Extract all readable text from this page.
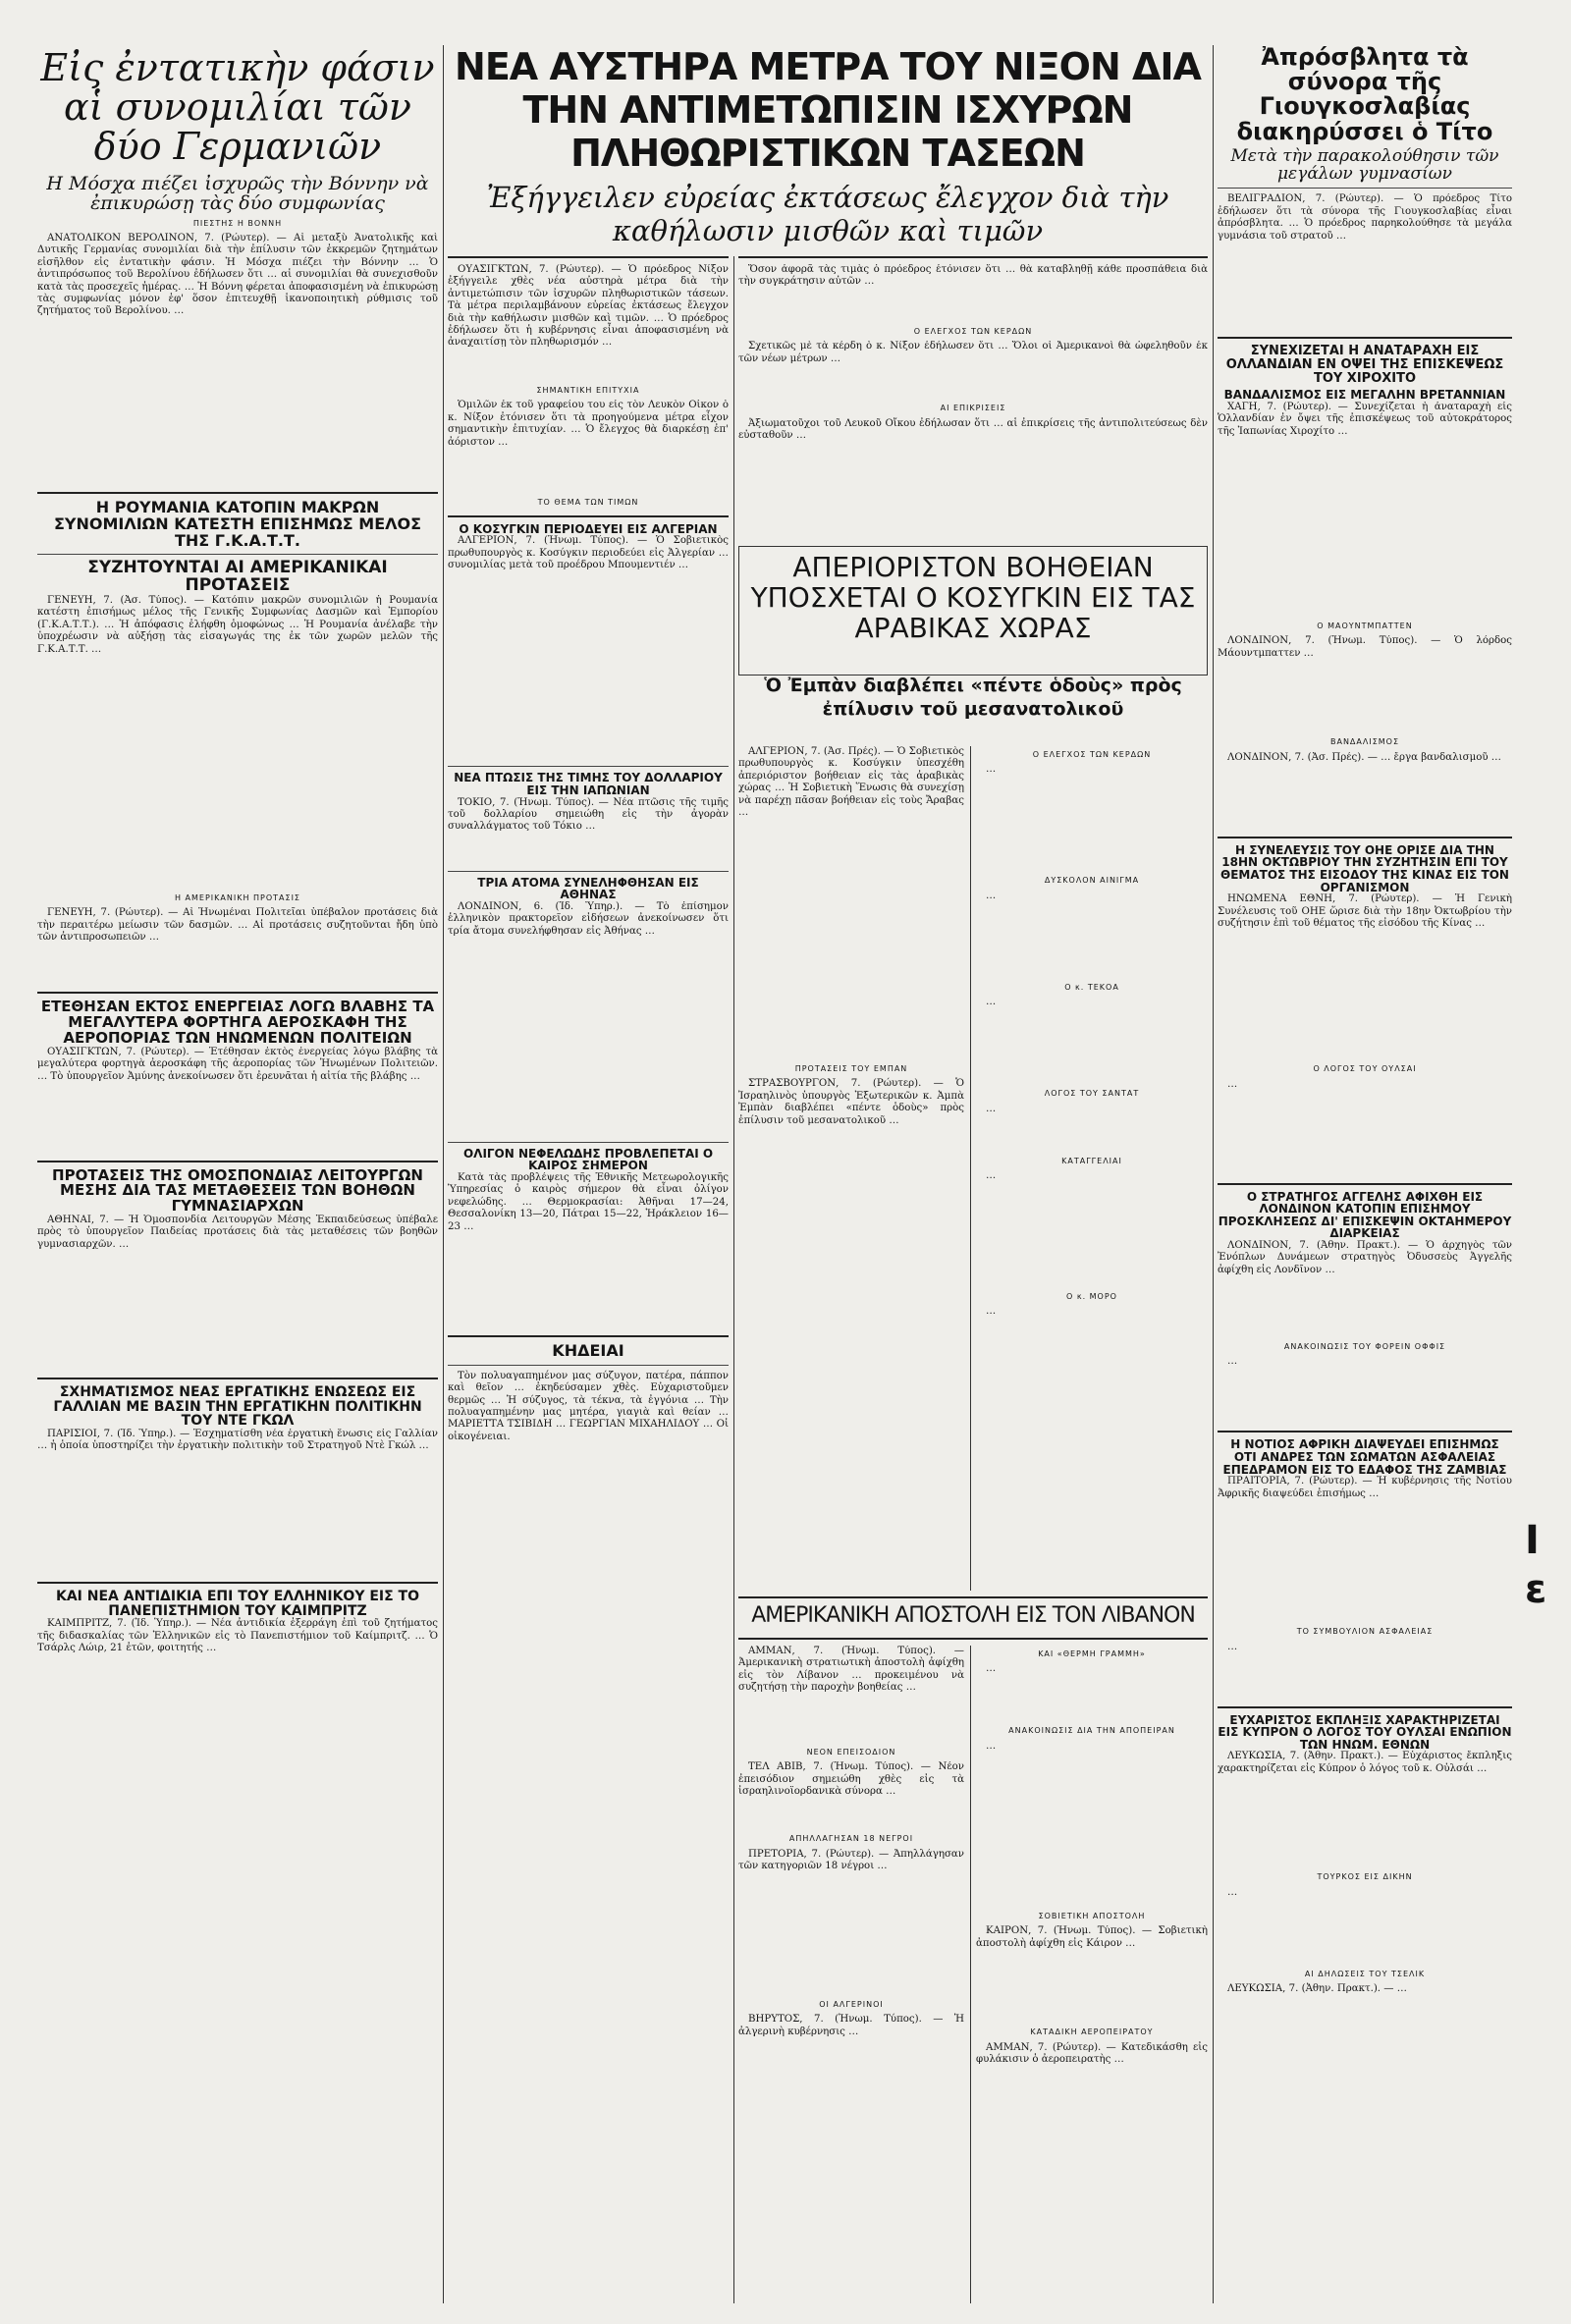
Εἰς ἐντατικὴν φάσιν αἱ συνομιλίαι τῶν δύο Γερμανιῶν
Η Μόσχα πιέζει ἰσχυρῶς τὴν Βόννην νὰ ἐπικυρώσῃ τὰς δύο συμφωνίας
ΠΙΕΣΤΗΣ Η ΒΟΝΝΗ
ΑΝΑΤΟΛΙΚΟΝ ΒΕΡΟΛΙΝΟΝ, 7. (Ρώυτερ). — Αἱ μεταξὺ Ἀνατολικῆς καὶ Δυτικῆς Γερμανίας συνομιλίαι διὰ τὴν ἐπίλυσιν τῶν ἐκκρεμῶν ζητημάτων εἰσῆλθον εἰς ἐντατικὴν φάσιν. Ἡ Μόσχα πιέζει τὴν Βόννην … Ὁ ἀντιπρόσωπος τοῦ Βερολίνου ἐδήλωσεν ὅτι … αἱ συνομιλίαι θὰ συνεχισθοῦν κατὰ τὰς προσεχεῖς ἡμέρας. … Ἡ Βόννη φέρεται ἀποφασισμένη νὰ ἐπικυρώσῃ τὰς συμφωνίας μόνον ἐφ' ὅσον ἐπιτευχθῇ ἱκανοποιητικὴ ρύθμισις τοῦ ζητήματος τοῦ Βερολίνου. …
Η ΡΟΥΜΑΝΙΑ ΚΑΤΟΠΙΝ ΜΑΚΡΩΝ ΣΥΝΟΜΙΛΙΩΝ ΚΑΤΕΣΤΗ ΕΠΙΣΗΜΩΣ ΜΕΛΟΣ ΤΗΣ Γ.Κ.Α.Τ.Τ.
ΣΥΖΗΤΟΥΝΤΑΙ ΑΙ ΑΜΕΡΙΚΑΝΙΚΑΙ ΠΡΟΤΑΣΕΙΣ
ΓΕΝΕΥΗ, 7. (Ἀσ. Τύπος). — Κατόπιν μακρῶν συνομιλιῶν ἡ Ρουμανία κατέστη ἐπισήμως μέλος τῆς Γενικῆς Συμφωνίας Δασμῶν καὶ Ἐμπορίου (Γ.Κ.Α.Τ.Τ.). … Ἡ ἀπόφασις ἐλήφθη ὁμοφώνως … Ἡ Ρουμανία ἀνέλαβε τὴν ὑποχρέωσιν νὰ αὐξήσῃ τὰς εἰσαγωγάς της ἐκ τῶν χωρῶν μελῶν τῆς Γ.Κ.Α.Τ.Τ. …
Η ΑΜΕΡΙΚΑΝΙΚΗ ΠΡΟΤΑΣΙΣ
ΓΕΝΕΥΗ, 7. (Ρώυτερ). — Αἱ Ἡνωμέναι Πολιτεῖαι ὑπέβαλον προτάσεις διὰ τὴν περαιτέρω μείωσιν τῶν δασμῶν. … Αἱ προτάσεις συζητοῦνται ἤδη ὑπὸ τῶν ἀντιπροσωπειῶν …
ΕΤΕΘΗΣΑΝ ΕΚΤΟΣ ΕΝΕΡΓΕΙΑΣ ΛΟΓΩ ΒΛΑΒΗΣ ΤΑ ΜΕΓΑΛΥΤΕΡΑ ΦΟΡΤΗΓΑ ΑΕΡΟΣΚΑΦΗ ΤΗΣ ΑΕΡΟΠΟΡΙΑΣ ΤΩΝ ΗΝΩΜΕΝΩΝ ΠΟΛΙΤΕΙΩΝ
ΟΥΑΣΙΓΚΤΩΝ, 7. (Ρώυτερ). — Ἐτέθησαν ἐκτὸς ἐνεργείας λόγω βλάβης τὰ μεγαλύτερα φορτηγὰ ἀεροσκάφη τῆς ἀεροπορίας τῶν Ἡνωμένων Πολιτειῶν. … Τὸ ὑπουργεῖον Ἀμύνης ἀνεκοίνωσεν ὅτι ἐρευνᾶται ἡ αἰτία τῆς βλάβης …
ΠΡΟΤΑΣΕΙΣ ΤΗΣ ΟΜΟΣΠΟΝΔΙΑΣ ΛΕΙΤΟΥΡΓΩΝ ΜΕΣΗΣ ΔΙΑ ΤΑΣ ΜΕΤΑΘΕΣΕΙΣ ΤΩΝ ΒΟΗΘΩΝ ΓΥΜΝΑΣΙΑΡΧΩΝ
ΑΘΗΝΑΙ, 7. — Ἡ Ὁμοσπονδία Λειτουργῶν Μέσης Ἐκπαιδεύσεως ὑπέβαλε πρὸς τὸ ὑπουργεῖον Παιδείας προτάσεις διὰ τὰς μεταθέσεις τῶν βοηθῶν γυμνασιαρχῶν. …
ΣΧΗΜΑΤΙΣΜΟΣ ΝΕΑΣ ΕΡΓΑΤΙΚΗΣ ΕΝΩΣΕΩΣ ΕΙΣ ΓΑΛΛΙΑΝ ΜΕ ΒΑΣΙΝ ΤΗΝ ΕΡΓΑΤΙΚΗΝ ΠΟΛΙΤΙΚΗΝ ΤΟΥ ΝΤΕ ΓΚΩΛ
ΠΑΡΙΣΙΟΙ, 7. (Ἰδ. Ὑπηρ.). — Ἐσχηματίσθη νέα ἐργατικὴ ἕνωσις εἰς Γαλλίαν … ἡ ὁποία ὑποστηρίζει τὴν ἐργατικὴν πολιτικὴν τοῦ Στρατηγοῦ Ντὲ Γκώλ …
ΚΑΙ ΝΕΑ ΑΝΤΙΔΙΚΙΑ ΕΠΙ ΤΟΥ ΕΛΛΗΝΙΚΟΥ ΕΙΣ ΤΟ ΠΑΝΕΠΙΣΤΗΜΙΟΝ ΤΟΥ ΚΑΙΜΠΡΙΤΖ
ΚΑΙΜΠΡΙΤΖ, 7. (Ἰδ. Ὑπηρ.). — Νέα ἀντιδικία ἐξερράγη ἐπὶ τοῦ ζητήματος τῆς διδασκαλίας τῶν Ἑλληνικῶν εἰς τὸ Πανεπιστήμιον τοῦ Καίμπριτζ. … Ὁ Τσάρλς Λώιρ, 21 ἐτῶν, φοιτητής …
ΝΕΑ ΑΥΣΤΗΡΑ ΜΕΤΡΑ ΤΟΥ ΝΙΞΟΝ ΔΙΑ ΤΗΝ ΑΝΤΙΜΕΤΩΠΙΣΙΝ ΙΣΧΥΡΩΝ ΠΛΗΘΩΡΙΣΤΙΚΩΝ ΤΑΣΕΩΝ
Ἐξήγγειλεν εὐρείας ἐκτάσεως ἔλεγχον διὰ τὴν καθήλωσιν μισθῶν καὶ τιμῶν
ΟΥΑΣΙΓΚΤΩΝ, 7. (Ρώυτερ). — Ὁ πρόεδρος Νίξον ἐξήγγειλε χθὲς νέα αὐστηρὰ μέτρα διὰ τὴν ἀντιμετώπισιν τῶν ἰσχυρῶν πληθωριστικῶν τάσεων. Τὰ μέτρα περιλαμβάνουν εὐρείας ἐκτάσεως ἔλεγχον διὰ τὴν καθήλωσιν μισθῶν καὶ τιμῶν. … Ὁ πρόεδρος ἐδήλωσεν ὅτι ἡ κυβέρνησις εἶναι ἀποφασισμένη νὰ ἀναχαιτίσῃ τὸν πληθωρισμόν …
ΣΗΜΑΝΤΙΚΗ ΕΠΙΤΥΧΙΑ
Ὁμιλῶν ἐκ τοῦ γραφείου του εἰς τὸν Λευκὸν Οἶκον ὁ κ. Νίξον ἐτόνισεν ὅτι τὰ προηγούμενα μέτρα εἶχον σημαντικὴν ἐπιτυχίαν. … Ὁ ἔλεγχος θὰ διαρκέσῃ ἐπ' ἀόριστον …
ΤΟ ΘΕΜΑ ΤΩΝ ΤΙΜΩΝ
Ο ΚΟΣΥΓΚΙΝ ΠΕΡΙΟΔΕΥΕΙ ΕΙΣ ΑΛΓΕΡΙΑΝ
ΑΛΓΕΡΙΟΝ, 7. (Ἠνωμ. Τύπος). — Ὁ Σοβιετικὸς πρωθυπουργὸς κ. Κοσύγκιν περιοδεύει εἰς Ἀλγερίαν … συνομιλίας μετὰ τοῦ προέδρου Μπουμεντιέν …
ΝΕΑ ΠΤΩΣΙΣ ΤΗΣ ΤΙΜΗΣ ΤΟΥ ΔΟΛΛΑΡΙΟΥ ΕΙΣ ΤΗΝ ΙΑΠΩΝΙΑΝ
ΤΟΚΙΟ, 7. (Ἠνωμ. Τύπος). — Νέα πτῶσις τῆς τιμῆς τοῦ δολλαρίου σημειώθη εἰς τὴν ἀγορὰν συναλλάγματος τοῦ Τόκιο …
ΤΡΙΑ ΑΤΟΜΑ ΣΥΝΕΛΗΦΘΗΣΑΝ ΕΙΣ ΑΘΗΝΑΣ
ΛΟΝΔΙΝΟΝ, 6. (Ἰδ. Ὑπηρ.). — Τὸ ἐπίσημον ἑλληνικὸν πρακτορεῖον εἰδήσεων ἀνεκοίνωσεν ὅτι τρία ἄτομα συνελήφθησαν εἰς Ἀθήνας …
ΟΛΙΓΟΝ ΝΕΦΕΛΩΔΗΣ ΠΡΟΒΛΕΠΕΤΑΙ Ο ΚΑΙΡΟΣ ΣΗΜΕΡΟΝ
Κατὰ τὰς προβλέψεις τῆς Ἐθνικῆς Μετεωρολογικῆς Ὑπηρεσίας ὁ καιρὸς σήμερον θὰ εἶναι ὀλίγον νεφελώδης. … Θερμοκρασίαι: Ἀθῆναι 17—24, Θεσσαλονίκη 13—20, Πάτραι 15—22, Ἡράκλειον 16—23 …
ΚΗΔΕΙΑΙ
Τὸν πολυαγαπημένον μας σύζυγον, πατέρα, πάππον καὶ θεῖον … ἐκηδεύσαμεν χθὲς. Εὐχαριστοῦμεν θερμῶς … Ἡ σύζυγος, τὰ τέκνα, τὰ ἐγγόνια … Τὴν πολυαγαπημένην μας μητέρα, γιαγιὰ καὶ θείαν … ΜΑΡΙΕΤΤΑ ΤΣΙΒΙΔΗ … ΓΕΩΡΓΙΑΝ ΜΙΧΑΗΛΙΔΟΥ … Οἱ οἰκογένειαι.
Ὅσον ἀφορᾶ τὰς τιμὰς ὁ πρόεδρος ἐτόνισεν ὅτι … θὰ καταβληθῇ κάθε προσπάθεια διὰ τὴν συγκράτησιν αὐτῶν …
Ο ΕΛΕΓΧΟΣ ΤΩΝ ΚΕΡΔΩΝ
Σχετικῶς μὲ τὰ κέρδη ὁ κ. Νίξον ἐδήλωσεν ὅτι … Ὅλοι οἱ Ἀμερικανοὶ θὰ ὠφεληθοῦν ἐκ τῶν νέων μέτρων …
ΑΙ ΕΠΙΚΡΙΣΕΙΣ
Ἀξιωματοῦχοι τοῦ Λευκοῦ Οἴκου ἐδήλωσαν ὅτι … αἱ ἐπικρίσεις τῆς ἀντιπολιτεύσεως δὲν εὐσταθοῦν …
ΑΠΕΡΙΟΡΙΣΤΟΝ ΒΟΗΘΕΙΑΝ ΥΠΟΣΧΕΤΑΙ Ο ΚΟΣΥΓΚΙΝ ΕΙΣ ΤΑΣ ΑΡΑΒΙΚΑΣ ΧΩΡΑΣ
Ὁ Ἐμπὰν διαβλέπει «πέντε ὁδοὺς» πρὸς ἐπίλυσιν τοῦ μεσανατολικοῦ
ΑΛΓΕΡΙΟΝ, 7. (Ἀσ. Πρές). — Ὁ Σοβιετικὸς πρωθυπουργὸς κ. Κοσύγκιν ὑπεσχέθη ἀπεριόριστον βοήθειαν εἰς τὰς ἀραβικὰς χώρας … Ἡ Σοβιετικὴ Ἕνωσις θὰ συνεχίσῃ νὰ παρέχῃ πᾶσαν βοήθειαν εἰς τοὺς Ἄραβας …
ΠΡΟΤΑΣΕΙΣ ΤΟΥ ΕΜΠΑΝ
ΣΤΡΑΣΒΟΥΡΓΟΝ, 7. (Ρώυτερ). — Ὁ Ἰσραηλινὸς ὑπουργὸς Ἐξωτερικῶν κ. Ἀμπὰ Ἐμπὰν διαβλέπει «πέντε ὁδοὺς» πρὸς ἐπίλυσιν τοῦ μεσανατολικοῦ …
Ο ΕΛΕΓΧΟΣ ΤΩΝ ΚΕΡΔΩΝ
…
ΔΥΣΚΟΛΟΝ ΑΙΝΙΓΜΑ
…
Ο κ. ΤΕΚΟΑ
…
ΛΟΓΟΣ ΤΟΥ ΣΑΝΤΑΤ
…
ΚΑΤΑΓΓΕΛΙΑΙ
…
Ο κ. ΜΟΡΟ
…
ΑΜΕΡΙΚΑΝΙΚΗ ΑΠΟΣΤΟΛΗ ΕΙΣ ΤΟΝ ΛΙΒΑΝΟΝ
ΑΜΜΑΝ, 7. (Ἠνωμ. Τύπος). — Ἀμερικανικὴ στρατιωτικὴ ἀποστολὴ ἀφίχθη εἰς τὸν Λίβανον … προκειμένου νὰ συζητήσῃ τὴν παροχὴν βοηθείας …
ΝΕΟΝ ΕΠΕΙΣΟΔΙΟΝ
ΤΕΛ ΑΒΙΒ, 7. (Ἠνωμ. Τύπος). — Νέον ἐπεισόδιον σημειώθη χθὲς εἰς τὰ ἰσραηλινοϊορδανικὰ σύνορα …
ΑΠΗΛΛΑΓΗΣΑΝ 18 ΝΕΓΡΟΙ
ΠΡΕΤΟΡΙΑ, 7. (Ρώυτερ). — Ἀπηλλάγησαν τῶν κατηγοριῶν 18 νέγροι …
ΟΙ ΑΛΓΕΡΙΝΟΙ
ΒΗΡΥΤΟΣ, 7. (Ἠνωμ. Τύπος). — Ἡ ἀλγερινὴ κυβέρνησις …
ΚΑΙ «ΘΕΡΜΗ ΓΡΑΜΜΗ»
…
ΑΝΑΚΟΙΝΩΣΙΣ ΔΙΑ ΤΗΝ ΑΠΟΠΕΙΡΑΝ
…
ΣΟΒΙΕΤΙΚΗ ΑΠΟΣΤΟΛΗ
ΚΑΪΡΟΝ, 7. (Ἠνωμ. Τύπος). — Σοβιετικὴ ἀποστολὴ ἀφίχθη εἰς Κάιρον …
ΚΑΤΑΔΙΚΗ ΑΕΡΟΠΕΙΡΑΤΟΥ
ΑΜΜΑΝ, 7. (Ρώυτερ). — Κατεδικάσθη εἰς φυλάκισιν ὁ ἀεροπειρατὴς …
Ἀπρόσβλητα τὰ σύνορα τῆς Γιουγκοσλαβίας διακηρύσσει ὁ Τίτο
Μετὰ τὴν παρακολούθησιν τῶν μεγάλων γυμνασίων
ΒΕΛΙΓΡΑΔΙΟΝ, 7. (Ρώυτερ). — Ὁ πρόεδρος Τίτο ἐδήλωσεν ὅτι τὰ σύνορα τῆς Γιουγκοσλαβίας εἶναι ἀπρόσβλητα. … Ὁ πρόεδρος παρηκολούθησε τὰ μεγάλα γυμνάσια τοῦ στρατοῦ …
ΣΥΝΕΧΙΖΕΤΑΙ Η ΑΝΑΤΑΡΑΧΗ ΕΙΣ ΟΛΛΑΝΔΙΑΝ ΕΝ ΟΨΕΙ ΤΗΣ ΕΠΙΣΚΕΨΕΩΣ ΤΟΥ ΧΙΡΟΧΙΤΟ
ΒΑΝΔΑΛΙΣΜΟΣ ΕΙΣ ΜΕΓΑΛΗΝ ΒΡΕΤΑΝΝΙΑΝ
ΧΑΓΗ, 7. (Ρώυτερ). — Συνεχίζεται ἡ ἀναταραχὴ εἰς Ὁλλανδίαν ἐν ὄψει τῆς ἐπισκέψεως τοῦ αὐτοκράτορος τῆς Ἰαπωνίας Χιροχίτο …
Ο ΜΑΟΥΝΤΜΠΑΤΤΕΝ
ΛΟΝΔΙΝΟΝ, 7. (Ἠνωμ. Τύπος). — Ὁ λόρδος Μάουντμπαττεν …
ΒΑΝΔΑΛΙΣΜΟΣ
ΛΟΝΔΙΝΟΝ, 7. (Ἀσ. Πρές). — … ἔργα βανδαλισμοῦ …
Η ΣΥΝΕΛΕΥΣΙΣ ΤΟΥ ΟΗΕ ΟΡΙΣΕ ΔΙΑ ΤΗΝ 18ΗΝ ΟΚΤΩΒΡΙΟΥ ΤΗΝ ΣΥΖΗΤΗΣΙΝ ΕΠΙ ΤΟΥ ΘΕΜΑΤΟΣ ΤΗΣ ΕΙΣΟΔΟΥ ΤΗΣ ΚΙΝΑΣ ΕΙΣ ΤΟΝ ΟΡΓΑΝΙΣΜΟΝ
ΗΝΩΜΕΝΑ ΕΘΝΗ, 7. (Ρώυτερ). — Ἡ Γενικὴ Συνέλευσις τοῦ ΟΗΕ ὥρισε διὰ τὴν 18ην Ὀκτωβρίου τὴν συζήτησιν ἐπὶ τοῦ θέματος τῆς εἰσόδου τῆς Κίνας …
Ο ΛΟΓΟΣ ΤΟΥ ΟΥΛΣΑΙ
…
Ο ΣΤΡΑΤΗΓΟΣ ΑΓΓΕΛΗΣ ΑΦΙΧΘΗ ΕΙΣ ΛΟΝΔΙΝΟΝ ΚΑΤΟΠΙΝ ΕΠΙΣΗΜΟΥ ΠΡΟΣΚΛΗΣΕΩΣ ΔΙ' ΕΠΙΣΚΕΨΙΝ ΟΚΤΑΗΜΕΡΟΥ ΔΙΑΡΚΕΙΑΣ
ΛΟΝΔΙΝΟΝ, 7. (Ἀθην. Πρακτ.). — Ὁ ἀρχηγὸς τῶν Ἐνόπλων Δυνάμεων στρατηγὸς Ὀδυσσεὺς Ἀγγελῆς ἀφίχθη εἰς Λονδῖνον …
ΑΝΑΚΟΙΝΩΣΙΣ ΤΟΥ ΦΟΡΕΙΝ ΟΦΦΙΣ
…
Η ΝΟΤΙΟΣ ΑΦΡΙΚΗ ΔΙΑΨΕΥΔΕΙ ΕΠΙΣΗΜΩΣ ΟΤΙ ΑΝΔΡΕΣ ΤΩΝ ΣΩΜΑΤΩΝ ΑΣΦΑΛΕΙΑΣ ΕΠΕΔΡΑΜΟΝ ΕΙΣ ΤΟ ΕΔΑΦΟΣ ΤΗΣ ΖΑΜΒΙΑΣ
ΠΡΑΙΤΟΡΙΑ, 7. (Ρώυτερ). — Ἡ κυβέρνησις τῆς Νοτίου Ἀφρικῆς διαψεύδει ἐπισήμως …
ΤΟ ΣΥΜΒΟΥΛΙΟΝ ΑΣΦΑΛΕΙΑΣ
…
ΕΥΧΑΡΙΣΤΟΣ ΕΚΠΛΗΞΙΣ ΧΑΡΑΚΤΗΡΙΖΕΤΑΙ ΕΙΣ ΚΥΠΡΟΝ Ο ΛΟΓΟΣ ΤΟΥ ΟΥΛΣΑΙ ΕΝΩΠΙΟΝ ΤΩΝ ΗΝΩΜ. ΕΘΝΩΝ
ΛΕΥΚΩΣΙΑ, 7. (Ἀθην. Πρακτ.). — Εὐχάριστος ἔκπληξις χαρακτηρίζεται εἰς Κύπρον ὁ λόγος τοῦ κ. Οὐλσάι …
ΤΟΥΡΚΟΣ ΕΙΣ ΔΙΚΗΝ
…
ΑΙ ΔΗΛΩΣΕΙΣ ΤΟΥ ΤΣΕΛΙΚ
ΛΕΥΚΩΣΙΑ, 7. (Ἀθην. Πρακτ.). — …
Ι
ε
